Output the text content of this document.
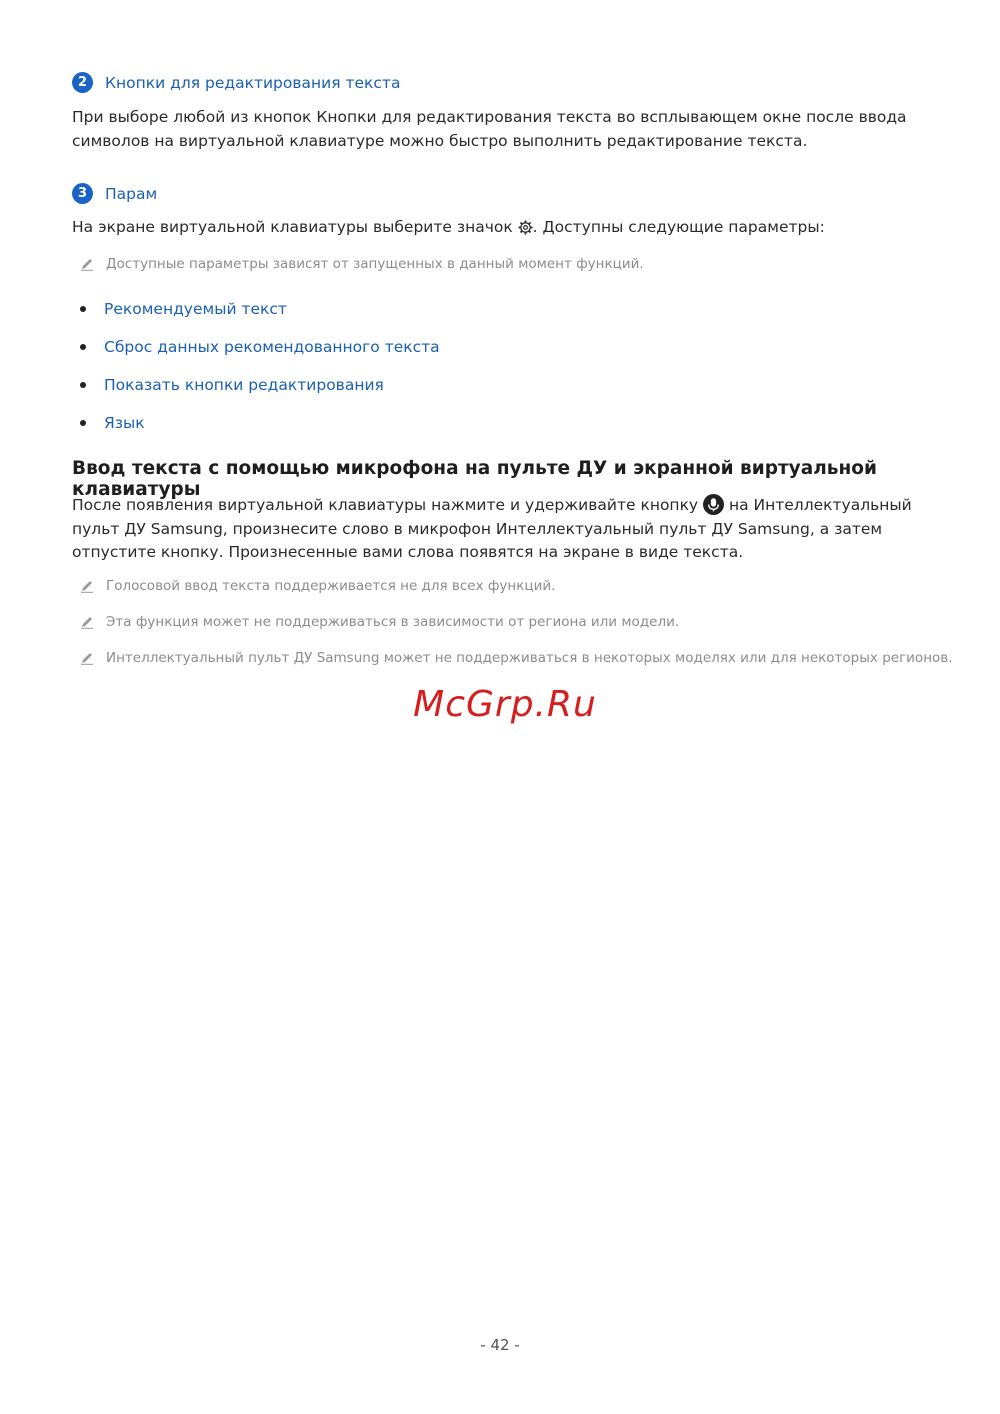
2	Кнопки для редактирования текста
При выборе любой из кнопок Кнопки для редактирования текста во всплывающем окне после ввода символов на виртуальной клавиатуре можно быстро выполнить редактирование текста.
3	Парам
На экране виртуальной клавиатуры выберите значок . Доступны следующие параметры:
Доступные параметры зависят от запущенных в данный момент функций.
Рекомендуемый текст
Сброс данных рекомендованного текста
Показать кнопки редактирования
Язык
Ввод текста с помощью микрофона на пульте ДУ и экранной виртуальной клавиатуры
После появления виртуальной клавиатуры нажмите и удерживайте кнопку  на Интеллектуальный пульт ДУ Samsung, произнесите слово в микрофон Интеллектуальный пульт ДУ Samsung, а затем отпустите кнопку. Произнесенные вами слова появятся на экране в виде текста.
Голосовой ввод текста поддерживается не для всех функций.
Эта функция может не поддерживаться в зависимости от региона или модели.
Интеллектуальный пульт ДУ Samsung может не поддерживаться в некоторых моделях или для некоторых регионов.
McGrp.Ru
- 42 -
